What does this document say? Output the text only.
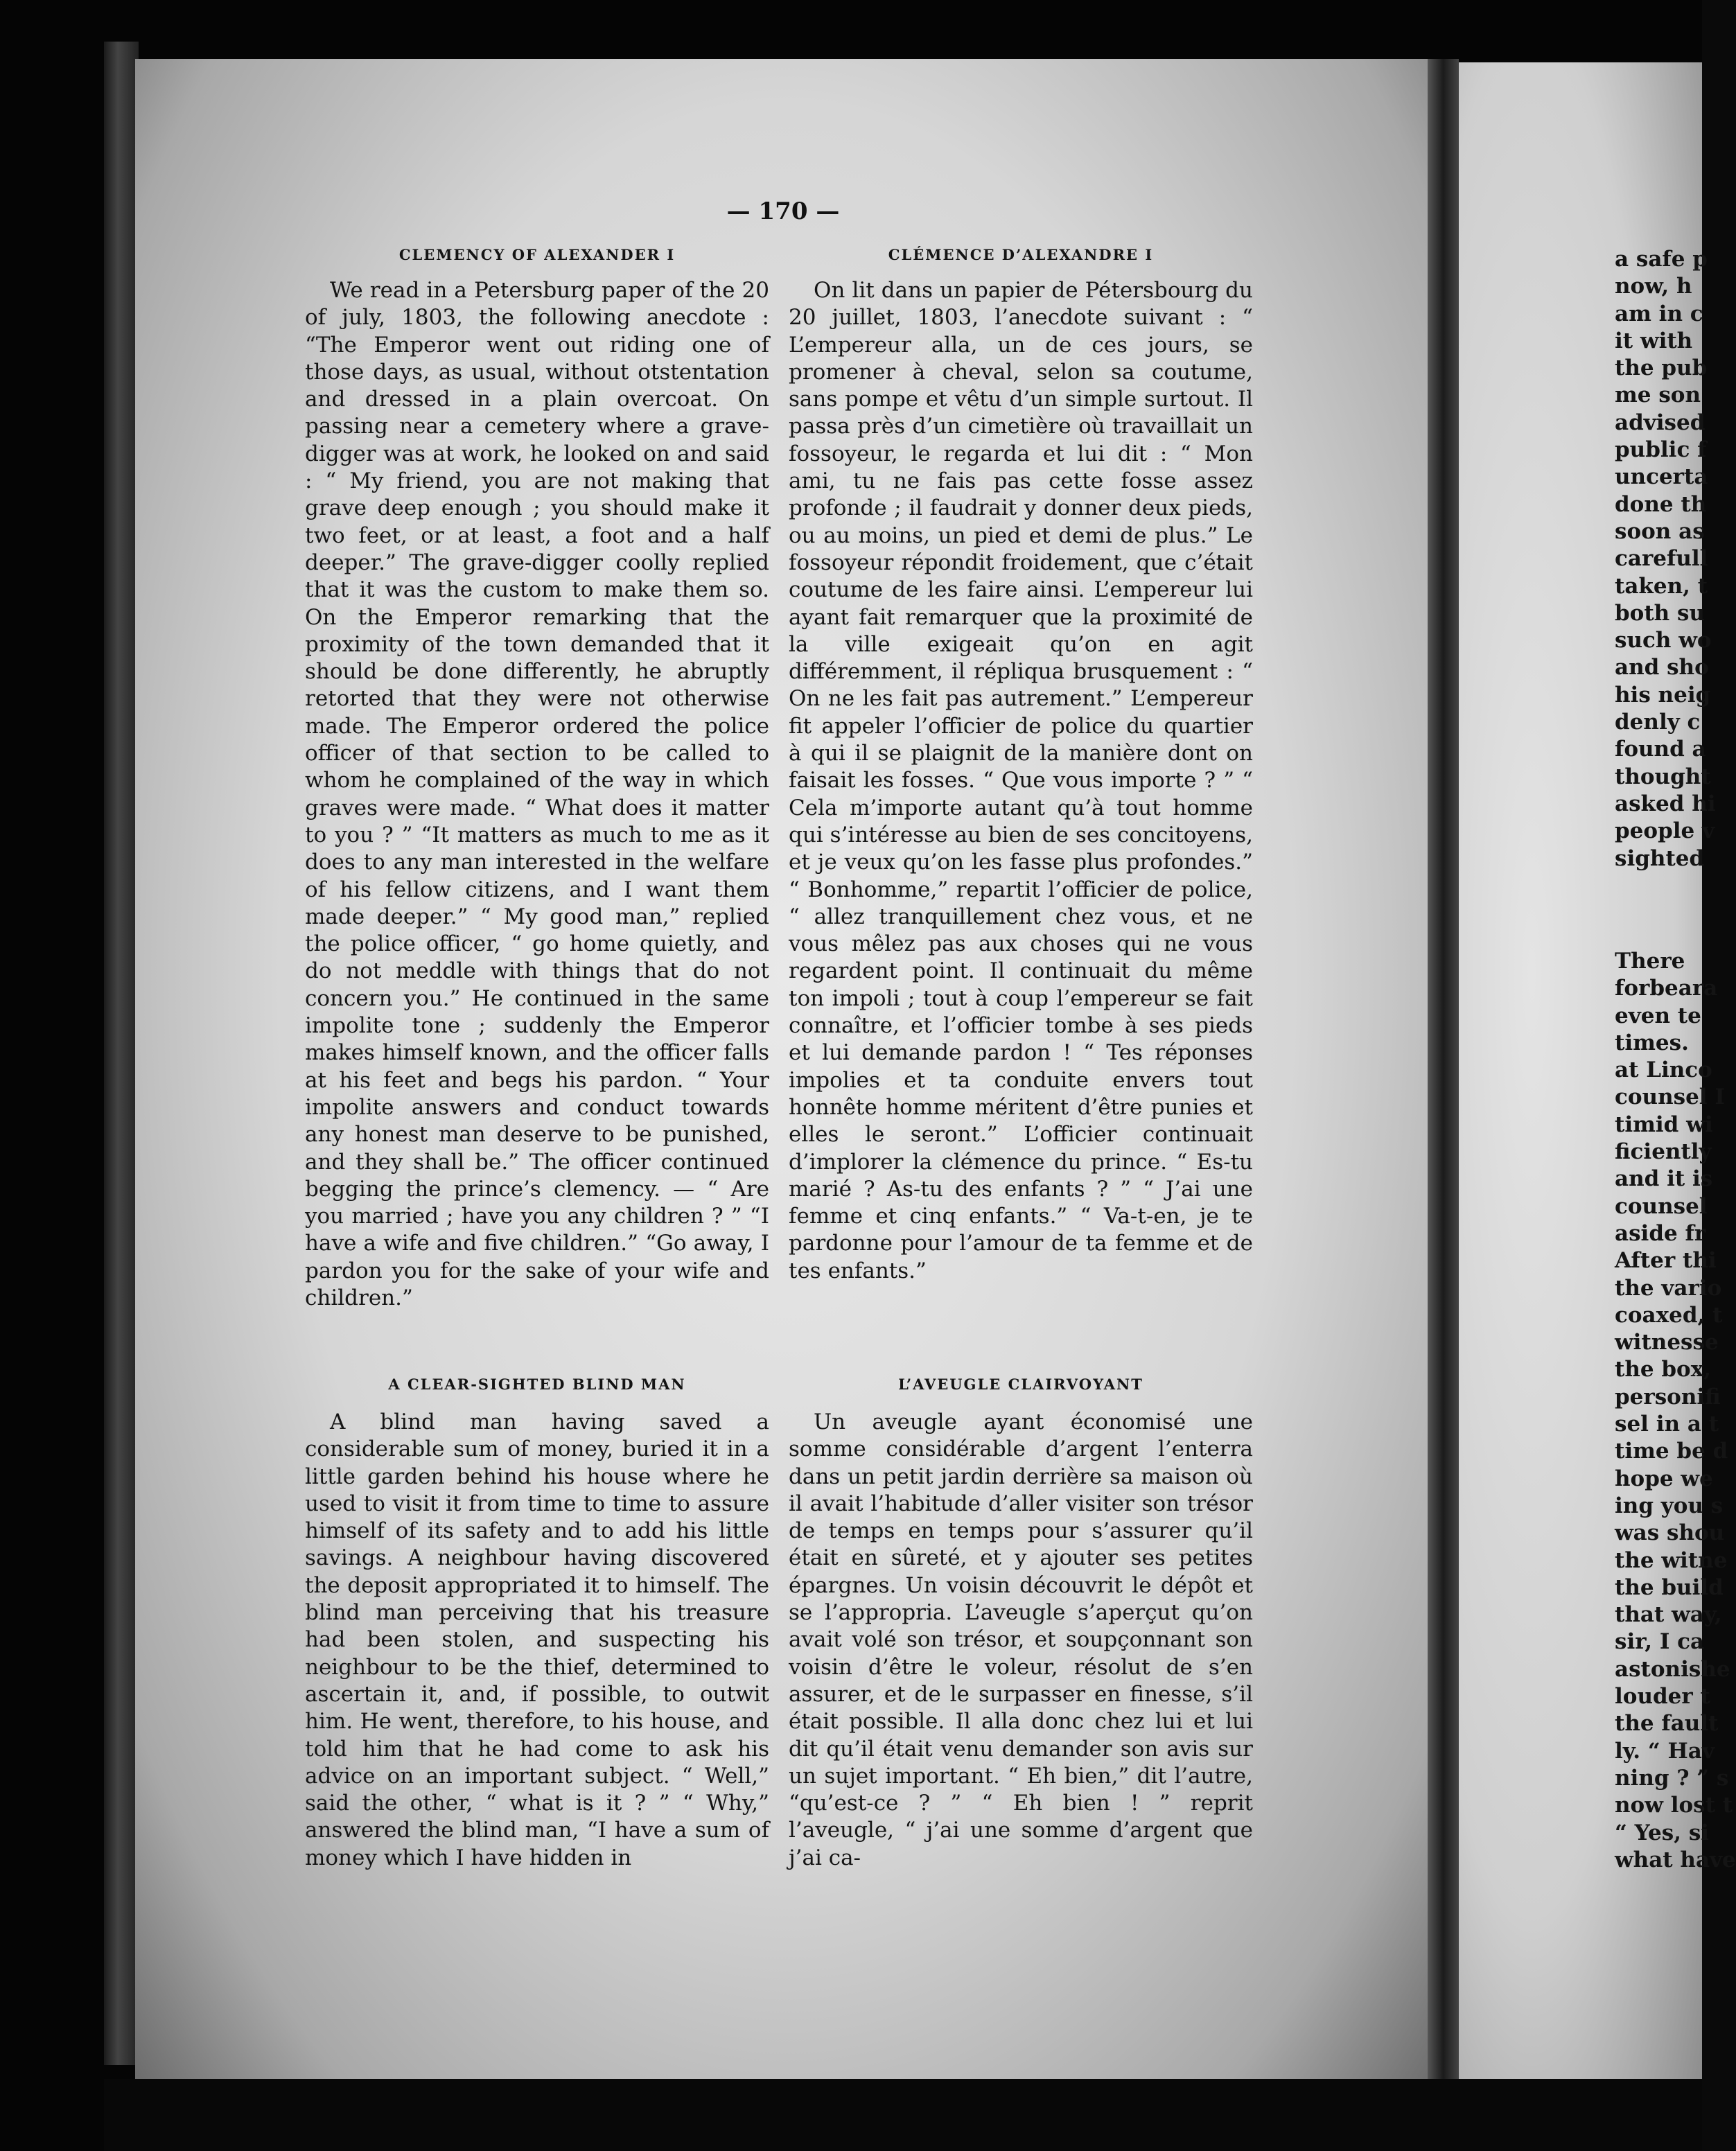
— 170 —
CLEMENCY OF ALEXANDER I

We read in a Petersburg paper of the 20 of july, 1803, the following anecdote : “The Emperor went out riding one of those days, as usual, without otstentation and dressed in a plain overcoat. On passing near a cemetery where a grave-digger was at work, he looked on and said : “ My friend, you are not making that grave deep enough ; you should make it two feet, or at least, a foot and a half deeper.” The grave-digger coolly replied that it was the custom to make them so. On the Emperor remarking that the proximity of the town demanded that it should be done differently, he abruptly retorted that they were not otherwise made. The Emperor ordered the police officer of that section to be called to whom he complained of the way in which graves were made. “ What does it matter to you ? ” “It matters as much to me as it does to any man interested in the welfare of his fellow citizens, and I want them made deeper.” “ My good man,” replied the police officer, “ go home quietly, and do not meddle with things that do not concern you.” He continued in the same impolite tone ; suddenly the Emperor makes himself known, and the officer falls at his feet and begs his pardon. “ Your impolite answers and conduct towards any honest man deserve to be punished, and they shall be.” The officer continued begging the prince’s clemency. — “ Are you married ; have you any children ? ” “I have a wife and five children.” “Go away, I pardon you for the sake of your wife and children.”

A CLEAR-SIGHTED BLIND MAN

A blind man having saved a considerable sum of money, buried it in a little garden behind his house where he used to visit it from time to time to assure himself of its safety and to add his little savings. A neighbour having discovered the deposit appropriated it to himself. The blind man perceiving that his treasure had been stolen, and suspecting his neighbour to be the thief, determined to ascertain it, and, if possible, to outwit him. He went, therefore, to his house, and told him that he had come to ask his advice on an important subject. “ Well,” said the other, “ what is it ? ” “ Why,” answered the blind man, “I have a sum of money which I have hidden in

CLÉMENCE D’ALEXANDRE I

On lit dans un papier de Pétersbourg du 20 juillet, 1803, l’anecdote suivant : “ L’empereur alla, un de ces jours, se promener à cheval, selon sa coutume, sans pompe et vêtu d’un simple surtout. Il passa près d’un cimetière où travaillait un fossoyeur, le regarda et lui dit : “ Mon ami, tu ne fais pas cette fosse assez profonde ; il faudrait y donner deux pieds, ou au moins, un pied et demi de plus.” Le fossoyeur répondit froidement, que c’était coutume de les faire ainsi. L’empereur lui ayant fait remarquer que la proximité de la ville exigeait qu’on en agit différemment, il répliqua brusquement : “ On ne les fait pas autrement.” L’empereur fit appeler l’officier de police du quartier à qui il se plaignit de la manière dont on faisait les fosses. “ Que vous importe ? ” “ Cela m’importe autant qu’à tout homme qui s’intéresse au bien de ses concitoyens, et je veux qu’on les fasse plus profondes.” “ Bonhomme,” repartit l’officier de police, “ allez tranquillement chez vous, et ne vous mêlez pas aux choses qui ne vous regardent point. Il continuait du même ton impoli ; tout à coup l’empereur se fait connaître, et l’officier tombe à ses pieds et lui demande pardon ! “ Tes réponses impolies et ta conduite envers tout honnête homme méritent d’être punies et elles le seront.” L’officier continuait d’implorer la clémence du prince. “ Es-tu marié ? As-tu des enfants ? ” “ J’ai une femme et cinq enfants.” “ Va-t-en, je te pardonne pour l’amour de ta femme et de tes enfants.”

L’AVEUGLE CLAIRVOYANT

Un aveugle ayant économisé une somme considérable d’argent l’enterra dans un petit jardin derrière sa maison où il avait l’habitude d’aller visiter son trésor de temps en temps pour s’assurer qu’il était en sûreté, et y ajouter ses petites épargnes. Un voisin découvrit le dépôt et se l’appropria. L’aveugle s’aperçut qu’on avait volé son trésor, et soupçonnant son voisin d’être le voleur, résolut de s’en assurer, et de le surpasser en finesse, s’il était possible. Il alla donc chez lui et lui dit qu’il était venu demander son avis sur un sujet important. “ Eh bien,” dit l’autre, “qu’est-ce ? ” “ Eh bien ! ” reprit l’aveugle, “ j’ai une somme d’argent que j’ai ca-

a safe p
now, h
am in c
it with
the pub
me son
advised
public f
uncerta
done th
soon as
carefull
taken, t
both su
such wo
and sho
his neig
denly c
found a
thought
asked hi
people v
sighted
There
forbeara
even te
times.
at Linco
counsel I
timid wi
ficiently
and it is
counsel
aside fr
After thi
the vario
coaxed, t
witnesse
the box,
personifi
sel in a t
time be d
hope we
ing you s
was shou
the witne
the build
that way,
sir, I ca
astonishe
louder t
the fault
ly. “ Hav
ning ? ” s
now lost t
“ Yes, si
what have
